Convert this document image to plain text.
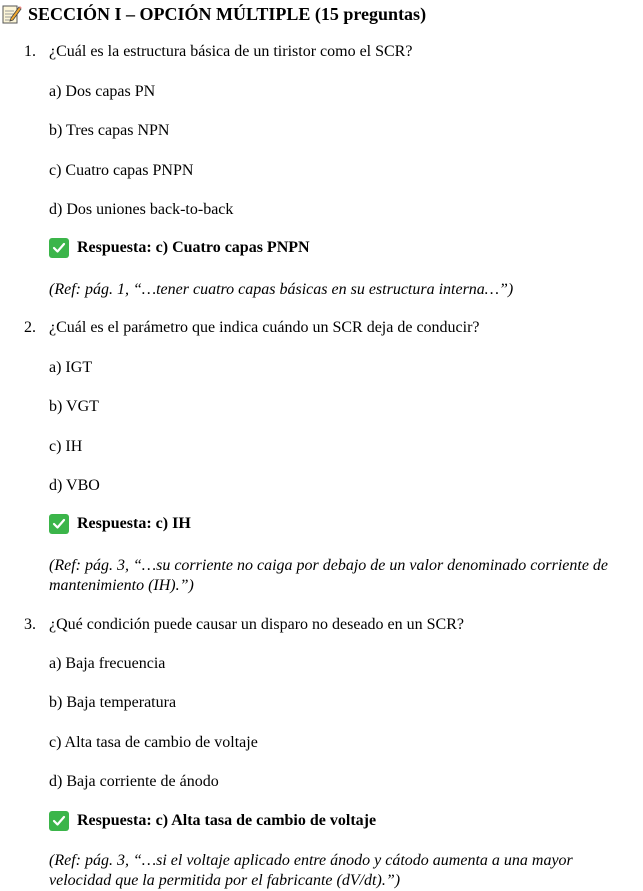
SECCIÓN I – OPCIÓN MÚLTIPLE (15 preguntas)
1. ¿Cuál es la estructura básica de un tiristor como el SCR?
a) Dos capas PN
b) Tres capas NPN
c) Cuatro capas PNPN
d) Dos uniones back-to-back
Respuesta: c) Cuatro capas PNPN
(Ref: pág. 1, “…tener cuatro capas básicas en su estructura interna…”)
2. ¿Cuál es el parámetro que indica cuándo un SCR deja de conducir?
a) IGT
b) VGT
c) IH
d) VBO
Respuesta: c) IH
(Ref: pág. 3, “…su corriente no caiga por debajo de un valor denominado corriente de mantenimiento (IH).”)
3. ¿Qué condición puede causar un disparo no deseado en un SCR?
a) Baja frecuencia
b) Baja temperatura
c) Alta tasa de cambio de voltaje
d) Baja corriente de ánodo
Respuesta: c) Alta tasa de cambio de voltaje
(Ref: pág. 3, “…si el voltaje aplicado entre ánodo y cátodo aumenta a una mayor velocidad que la permitida por el fabricante (dV/dt).”)
